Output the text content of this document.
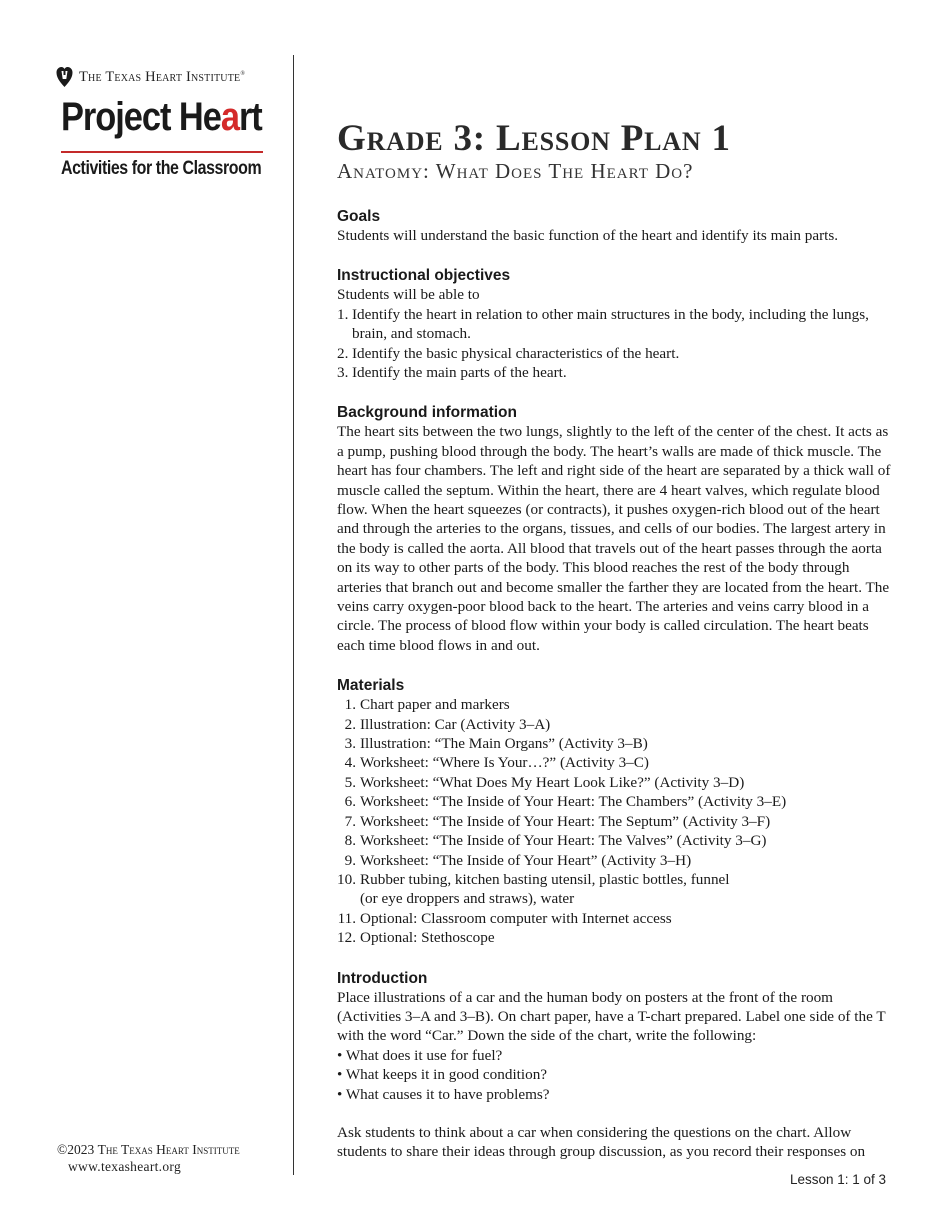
The Texas Heart Institute®
Project Heart
Activities for the Classroom
©2023 The Texas Heart Institute
www.texasheart.org
Grade 3: Lesson Plan 1
Anatomy: What Does The Heart Do?
Goals

Students will understand the basic function of the heart and identify its main parts.

Instructional objectives

Students will be able to

1. Identify the heart in relation to other main structures in the body, including the lungs, brain, and stomach.
2. Identify the basic physical characteristics of the heart.
3. Identify the main parts of the heart.
Background information

The heart sits between the two lungs, slightly to the left of the center of the chest. It acts as a pump, pushing blood through the body. The heart’s walls are made of thick muscle. The heart has four chambers. The left and right side of the heart are separated by a thick wall of muscle called the septum. Within the heart, there are 4 heart valves, which regulate blood flow. When the heart squeezes (or contracts), it pushes oxygen-rich blood out of the heart and through the arteries to the organs, tissues, and cells of our bodies. The largest artery in the body is called the aorta. All blood that travels out of the heart passes through the aorta on its way to other parts of the body. This blood reaches the rest of the body through arteries that branch out and become smaller the farther they are located from the heart. The veins carry oxygen-poor blood back to the heart. The arteries and veins carry blood in a circle. The process of blood flow within your body is called circulation. The heart beats each time blood flows in and out.

Materials
1. Chart paper and markers
2. Illustration: Car (Activity 3–A)
3. Illustration: “The Main Organs” (Activity 3–B)
4. Worksheet: “Where Is Your…?” (Activity 3–C)
5. Worksheet: “What Does My Heart Look Like?” (Activity 3–D)
6. Worksheet: “The Inside of Your Heart: The Chambers” (Activity 3–E)
7. Worksheet: “The Inside of Your Heart: The Septum” (Activity 3–F)
8. Worksheet: “The Inside of Your Heart: The Valves” (Activity 3–G)
9. Worksheet: “The Inside of Your Heart” (Activity 3–H)
10. Rubber tubing, kitchen basting utensil, plastic bottles, funnel (or eye droppers and straws), water
11. Optional: Classroom computer with Internet access
12. Optional: Stethoscope
Introduction

Place illustrations of a car and the human body on posters at the front of the room (Activities 3–A and 3–B). On chart paper, have a T-chart prepared. Label one side of the T with the word “Car.” Down the side of the chart, write the following:

• What does it use for fuel?
• What keeps it in good condition?
• What causes it to have problems?

Ask students to think about a car when considering the questions on the chart. Allow students to share their ideas through group discussion, as you record their responses on

Lesson 1: 1 of 3
